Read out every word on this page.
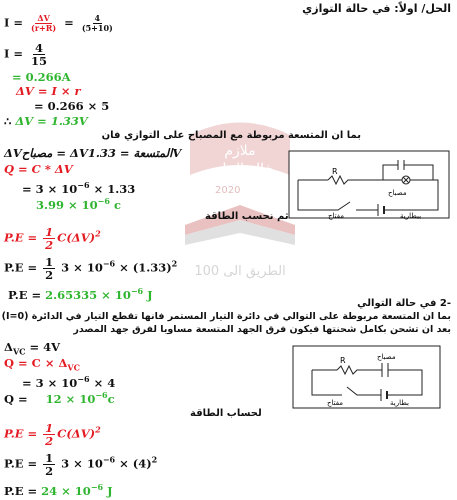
ملازم
خالد الجابي
2020
الطريق الى 100
الحل/ اولاً: في حالة التوازي
$I = \frac{\Delta V}{(r+R)} = \frac{4}{(5+10)}$
$I = \frac{4}{15}$
= 0.266A
ΔV = I × r
= 0.266 × 5
∴ ΔV = 1.33V
بما ان المتسعة مربوطة مع المصباح على التوازي فان
ΔVمصباح = ΔVالمتسعة = 1.33V
Q = C * ΔV
= $3 \times 10^{-6} \times 1.33$
$3.99 \times 10^{-6}$ c
ثم نحسب الطاقة
$P.E = \frac{1}{2} C(\Delta V)^2$
$P.E = \frac{1}{2} 3 \times 10^{-6} \times (1.33)^2$
$P.E = 2.65335 \times 10^{-6}$ J
R
مصباح
مفتاح	ببطارية
-2 في حالة التوالي
بما ان المتسعة مربوطة على التوالي في دائرة التيار المستمر فانها تقطع التيار في الدائرة (I=0)
بعد ان تشحن بكامل شحنتها فيكون فرق الجهد المتسعة مساويا لفرق جهد المصدر
$\Delta_{VC} = 4V$
$Q = C \times \Delta_{VC}$
= $3 \times 10^{-6} \times 4$
$Q = 12 \times 10^{-6}c$
لحساب الطاقة
$P.E = \frac{1}{2} C(\Delta V)^2$
$P.E = \frac{1}{2} 3 \times 10^{-6} \times (4)^2$
$P.E = 24 \times 10^{-6}$ J
R	مصباح
مفتاح	بطارية
